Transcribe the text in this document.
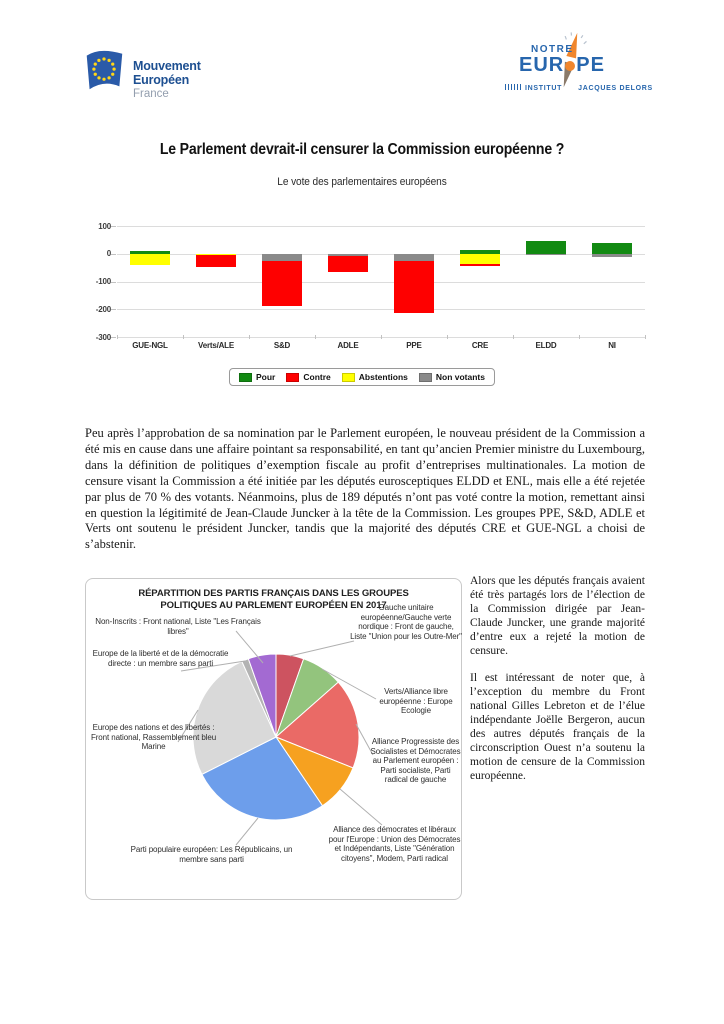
Mouvement
Européen
France
NOTRE
EUR PE
INSTITUT JACQUES DELORS
Le Parlement devrait-il censurer la Commission européenne ?
Le vote des parlementaires européens
100
0
-100
-200
-300
GUE-NGL	Verts/ALE	S&D	ADLE	PPE	CRE	ELDD	NI
Pour	Contre	Abstentions	Non votants
Peu après l’approbation de sa nomination par le Parlement européen, le nouveau président de la Commission a été mis en cause dans une affaire pointant sa responsabilité, en tant qu’ancien Premier ministre du Luxembourg, dans la définition de politiques d’exemption fiscale au profit d’entreprises multinationales. La motion de censure visant la Commission a été initiée par les députés eurosceptiques ELDD et ENL, mais elle a été rejetée par plus de 70 % des votants. Néanmoins, plus de 189 députés n’ont pas voté contre la motion, remettant ainsi en question la légitimité de Jean-Claude Juncker à la tête de la Commission. Les groupes PPE, S&D, ADLE et Verts ont soutenu le président Juncker, tandis que la majorité des députés CRE et GUE-NGL a choisi de s’abstenir.
RÉPARTITION DES PARTIS FRANÇAIS DANS LES GROUPES POLITIQUES AU PARLEMENT EUROPÉEN EN 2017
Non-Inscrits : Front national, Liste "Les Français libres"
Europe de la liberté et de la démocratie directe : un membre sans parti
Europe des nations et des libertés : Front national, Rassemblement bleu Marine
Parti populaire européen: Les Républicains, un membre sans parti
Gauche unitaire européenne/Gauche verte nordique : Front de gauche, Liste "Union pour les Outre-Mer"
Verts/Alliance libre européenne : Europe Ecologie
Alliance Progressiste des Socialistes et Démocrates au Parlement européen : Parti socialiste, Parti radical de gauche
Alliance des démocrates et libéraux pour l'Europe : Union des Démocrates et Indépendants, Liste "Génération citoyens", Modem, Parti radical

Alors que les députés français avaient été très partagés lors de l’élection de la Commission dirigée par Jean-Claude Juncker, une grande majorité d’entre eux a rejeté la motion de censure.

Il est intéressant de noter que, à l’exception du membre du Front national Gilles Lebreton et de l’élue indépendante Joëlle Bergeron, aucun des autres députés français de la circonscription Ouest n’a soutenu la motion de censure de la Commission européenne.
